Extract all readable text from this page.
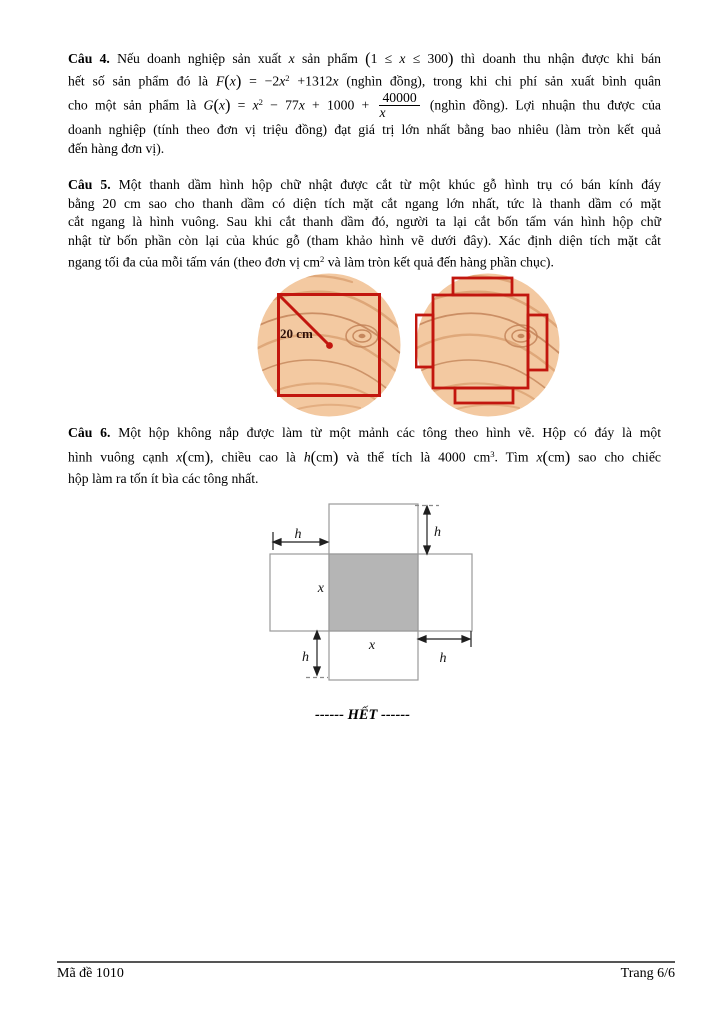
Câu 4. Nếu doanh nghiệp sản xuất x sản phẩm (1 ≤ x ≤ 300) thì doanh thu nhận được khi bán
hết số sản phẩm đó là $F(x) = -2x^2 +1312x$ (nghìn đồng), trong khi chi phí sản xuất bình quân
cho một sản phẩm là $G(x) = x^2 - 77x + 1000 + \frac{40000}{x}$ (nghìn đồng). Lợi nhuận thu được của
doanh nghiệp (tính theo đơn vị triệu đồng) đạt giá trị lớn nhất bằng bao nhiêu (làm tròn kết quả
đến hàng đơn vị).
Câu 5. Một thanh dầm hình hộp chữ nhật được cắt từ một khúc gỗ hình trụ có bán kính đáy
bằng 20 cm sao cho thanh dầm có diện tích mặt cắt ngang lớn nhất, tức là thanh dầm có mặt
cắt ngang là hình vuông. Sau khi cắt thanh dầm đó, người ta lại cắt bốn tấm ván hình hộp chữ
nhật từ bốn phần còn lại của khúc gỗ (tham khảo hình vẽ dưới đây). Xác định diện tích mặt cắt
ngang tối đa của mỗi tấm ván (theo đơn vị $cm^2$ và làm tròn kết quả đến hàng phần chục).
20 cm
Câu 6. Một hộp không nắp được làm từ một mảnh các tông theo hình vẽ. Hộp có đáy là một
hình vuông cạnh x(cm), chiều cao là h(cm) và thể tích là 4000 $cm^3$. Tìm x(cm) sao cho chiếc
hộp làm ra tốn ít bìa các tông nhất.
h	h
h	h
x
x
------ HẾT ------
Mã đề 1010	Trang 6/6
